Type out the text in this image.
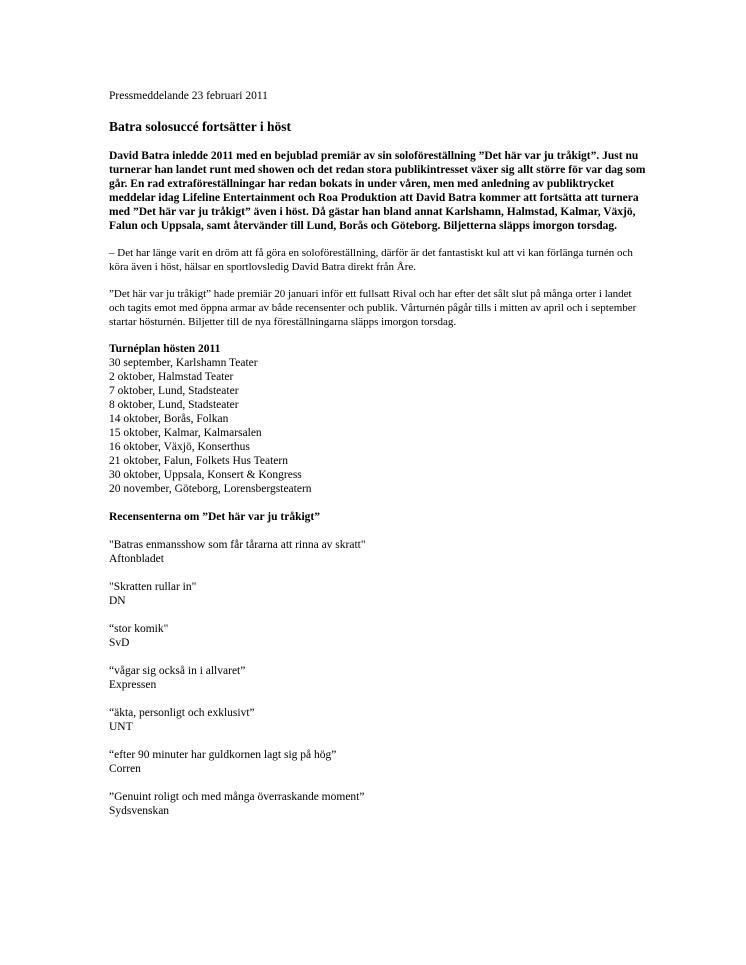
Pressmeddelande 23 februari 2011

Batra solosuccé fortsätter i höst

David Batra inledde 2011 med en bejublad premiär av sin soloföreställning ”Det här var ju tråkigt”. Just nu turnerar han landet runt med showen och det redan stora publikintresset växer sig allt större för var dag som går. En rad extraföreställningar har redan bokats in under våren, men med anledning av publiktrycket meddelar idag Lifeline Entertainment och Roa Produktion att David Batra kommer att fortsätta att turnera med ”Det här var ju tråkigt” även i höst. Då gästar han bland annat Karlshamn, Halmstad, Kalmar, Växjö, Falun och Uppsala, samt återvänder till Lund, Borås och Göteborg. Biljetterna släpps imorgon torsdag.

– Det har länge varit en dröm att få göra en soloföreställning, därför är det fantastiskt kul att vi kan förlänga turnén och köra även i höst, hälsar en sportlovsledig David Batra direkt från Åre.

”Det här var ju tråkigt” hade premiär 20 januari inför ett fullsatt Rival och har efter det sålt slut på många orter i landet och tagits emot med öppna armar av både recensenter och publik. Vårturnén pågår tills i mitten av april och i september startar hösturnén. Biljetter till de nya föreställningarna släpps imorgon torsdag.

Turnéplan hösten 2011
30 september, Karlshamn Teater
2 oktober, Halmstad Teater
7 oktober, Lund, Stadsteater
8 oktober, Lund, Stadsteater
14 oktober, Borås, Folkan
15 oktober, Kalmar, Kalmarsalen
16 oktober, Växjö, Konserthus
21 oktober, Falun, Folkets Hus Teatern
30 oktober, Uppsala, Konsert & Kongress
20 november, Göteborg, Lorensbergsteatern
Recensenterna om ”Det här var ju tråkigt”
"Batras enmansshow som får tårarna att rinna av skratt"
Aftonbladet
"Skratten rullar in"
DN
“stor komik"
SvD
“vågar sig också in i allvaret”
Expressen
“äkta, personligt och exklusivt”
UNT
“efter 90 minuter har guldkornen lagt sig på hög”
Corren
”Genuint roligt och med många överraskande moment”
Sydsvenskan
